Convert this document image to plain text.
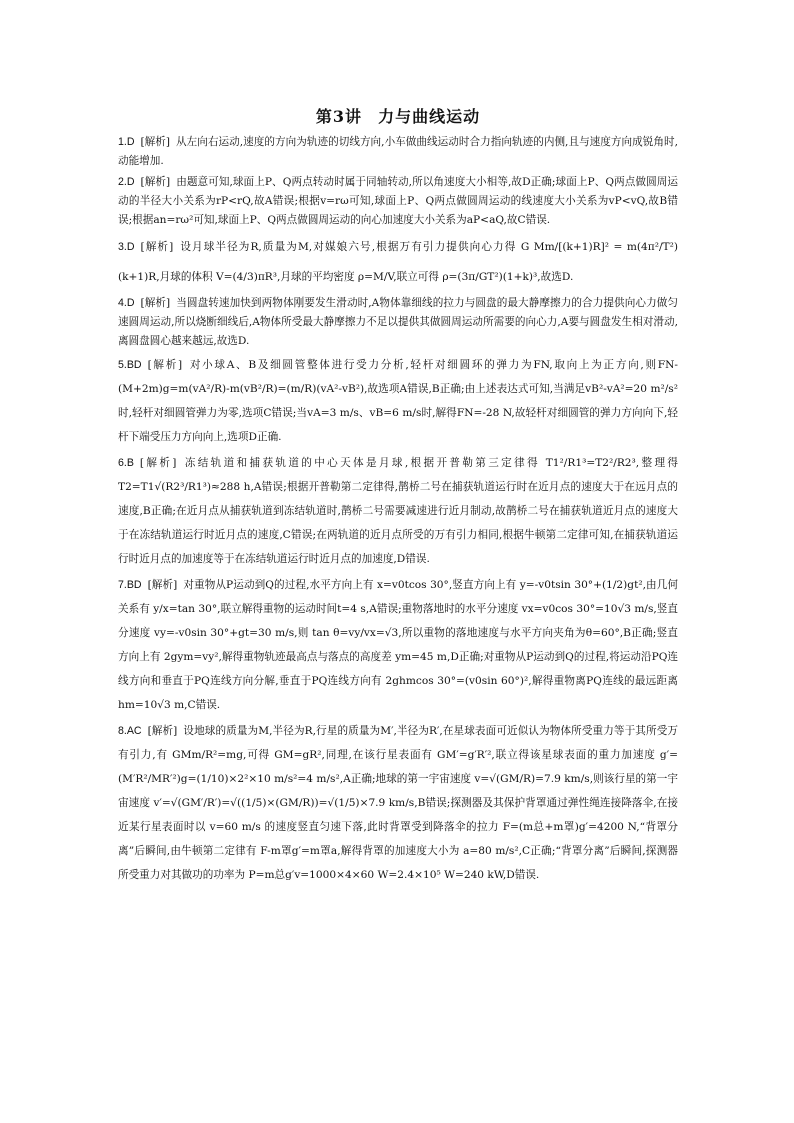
第3讲 力与曲线运动

1.D [解析] 从左向右运动,速度的方向为轨迹的切线方向,小车做曲线运动时合力指向轨迹的内侧,且与速度方向成锐角时,动能增加.

2.D [解析] 由题意可知,球面上P、Q两点转动时属于同轴转动,所以角速度大小相等,故D正确;球面上P、Q两点做圆周运动的半径大小关系为rP<rQ,故A错误;根据v=rω可知,球面上P、Q两点做圆周运动的线速度大小关系为vP<vQ,故B错误;根据an=rω²可知,球面上P、Q两点做圆周运动的向心加速度大小关系为aP<aQ,故C错误.

3.D [解析] 设月球半径为R,质量为M,对媒娘六号,根据万有引力提供向心力得 G Mm/[(k+1)R]² = m(4π²/T²)(k+1)R,月球的体积 V=(4/3)πR³,月球的平均密度 ρ=M/V,联立可得 ρ=(3π/GT²)(1+k)³,故选D.

4.D [解析] 当圆盘转速加快到两物体刚要发生滑动时,A物体靠细线的拉力与圆盘的最大静摩擦力的合力提供向心力做匀速圆周运动,所以烧断细线后,A物体所受最大静摩擦力不足以提供其做圆周运动所需要的向心力,A要与圆盘发生相对滑动,离圆盘圆心越来越远,故选D.

5.BD [解析] 对小球A、B及细圆管整体进行受力分析,轻杆对细圆环的弹力为FN,取向上为正方向,则FN-(M+2m)g=m(vA²/R)-m(vB²/R)=(m/R)(vA²-vB²),故选项A错误,B正确;由上述表达式可知,当满足vB²-vA²=20 m²/s²时,轻杆对细圆管弹力为零,选项C错误;当vA=3 m/s、vB=6 m/s时,解得FN=-28 N,故轻杆对细圆管的弹力方向向下,轻杆下端受压力方向向上,选项D正确.

6.B [解析] 冻结轨道和捕获轨道的中心天体是月球,根据开普勒第三定律得 T1²/R1³=T2²/R2³,整理得 T2=T1√(R2³/R1³)≈288 h,A错误;根据开普勒第二定律得,鹊桥二号在捕获轨道运行时在近月点的速度大于在远月点的速度,B正确;在近月点从捕获轨道到冻结轨道时,鹊桥二号需要减速进行近月制动,故鹊桥二号在捕获轨道近月点的速度大于在冻结轨道运行时近月点的速度,C错误;在两轨道的近月点所受的万有引力相同,根据牛顿第二定律可知,在捕获轨道运行时近月点的加速度等于在冻结轨道运行时近月点的加速度,D错误.

7.BD [解析] 对重物从P运动到Q的过程,水平方向上有 x=v0tcos 30°,竖直方向上有 y=-v0tsin 30°+(1/2)gt²,由几何关系有 y/x=tan 30°,联立解得重物的运动时间t=4 s,A错误;重物落地时的水平分速度 vx=v0cos 30°=10√3 m/s,竖直分速度 vy=-v0sin 30°+gt=30 m/s,则 tan θ=vy/vx=√3,所以重物的落地速度与水平方向夹角为θ=60°,B正确;竖直方向上有 2gym=vy²,解得重物轨迹最高点与落点的高度差 ym=45 m,D正确;对重物从P运动到Q的过程,将运动沿PQ连线方向和垂直于PQ连线方向分解,垂直于PQ连线方向有 2ghmcos 30°=(v0sin 60°)²,解得重物离PQ连线的最远距离 hm=10√3 m,C错误.

8.AC [解析] 设地球的质量为M,半径为R,行星的质量为M′,半径为R′,在星球表面可近似认为物体所受重力等于其所受万有引力,有 GMm/R²=mg,可得 GM=gR²,同理,在该行星表面有 GM′=g′R′²,联立得该星球表面的重力加速度 g′=(M′R²/MR′²)g=(1/10)×2²×10 m/s²=4 m/s²,A正确;地球的第一宇宙速度 v=√(GM/R)=7.9 km/s,则该行星的第一宇宙速度 v′=√(GM′/R′)=√((1/5)×(GM/R))=√(1/5)×7.9 km/s,B错误;探测器及其保护背罩通过弹性绳连接降落伞,在接近某行星表面时以 v=60 m/s 的速度竖直匀速下落,此时背罩受到降落伞的拉力 F=(m总+m罩)g′=4200 N,“背罩分离”后瞬间,由牛顿第二定律有 F-m罩g′=m罩a,解得背罩的加速度大小为 a=80 m/s²,C正确;“背罩分离”后瞬间,探测器所受重力对其做功的功率为 P=m总g′v=1000×4×60 W=2.4×10⁵ W=240 kW,D错误.
